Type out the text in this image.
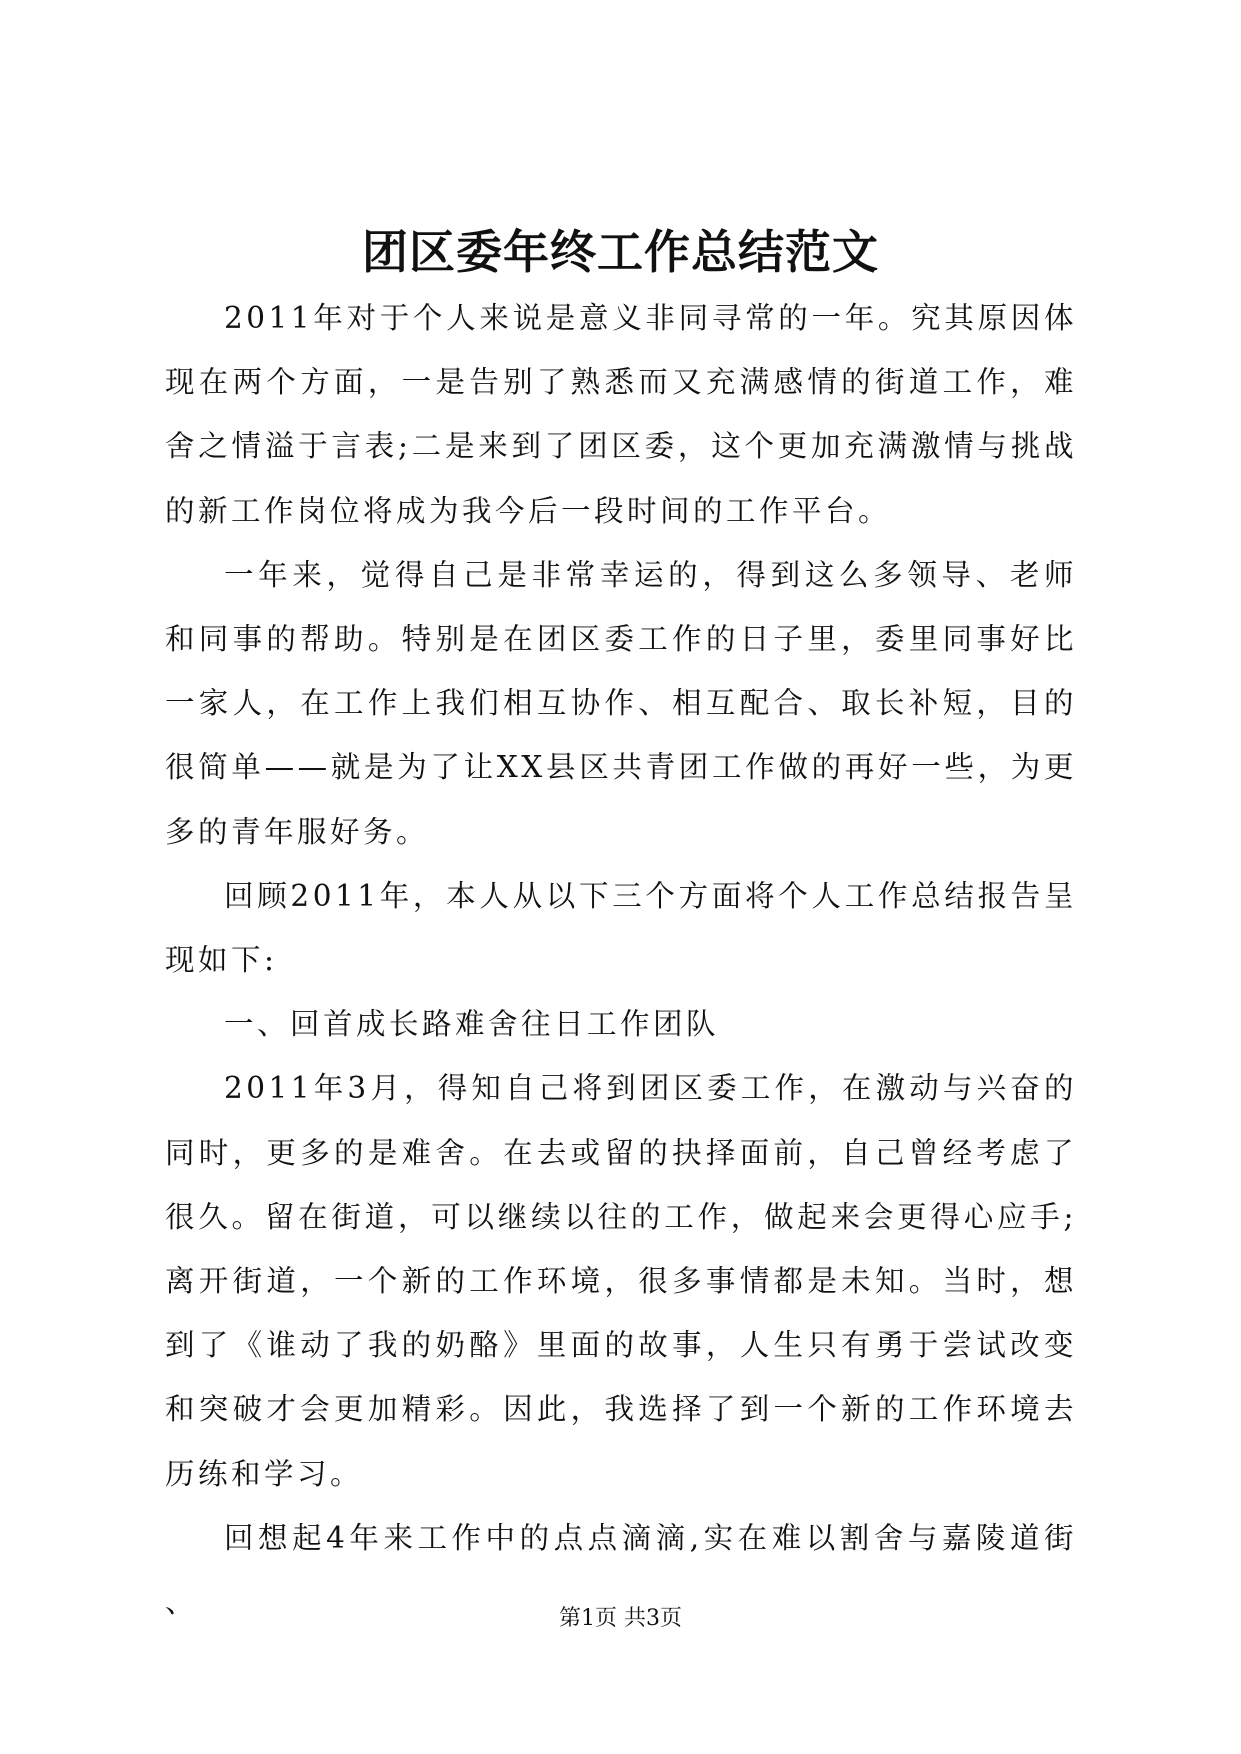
团区委年终工作总结范文

2011年对于个人来说是意义非同寻常的一年。究其原因体现在两个方面，一是告别了熟悉而又充满感情的街道工作，难舍之情溢于言表;二是来到了团区委，这个更加充满激情与挑战的新工作岗位将成为我今后一段时间的工作平台。

一年来，觉得自己是非常幸运的，得到这么多领导、老师和同事的帮助。特别是在团区委工作的日子里，委里同事好比一家人，在工作上我们相互协作、相互配合、取长补短，目的很简单——就是为了让XX县区共青团工作做的再好一些，为更多的青年服好务。

回顾2011年，本人从以下三个方面将个人工作总结报告呈现如下:

一、回首成长路难舍往日工作团队

2011年3月，得知自己将到团区委工作，在激动与兴奋的同时，更多的是难舍。在去或留的抉择面前，自己曾经考虑了很久。留在街道，可以继续以往的工作，做起来会更得心应手;离开街道，一个新的工作环境，很多事情都是未知。当时，想到了《谁动了我的奶酪》里面的故事，人生只有勇于尝试改变和突破才会更加精彩。因此，我选择了到一个新的工作环境去历练和学习。

回想起4年来工作中的点点滴滴,实在难以割舍与嘉陵道街、	第1页 共3页
